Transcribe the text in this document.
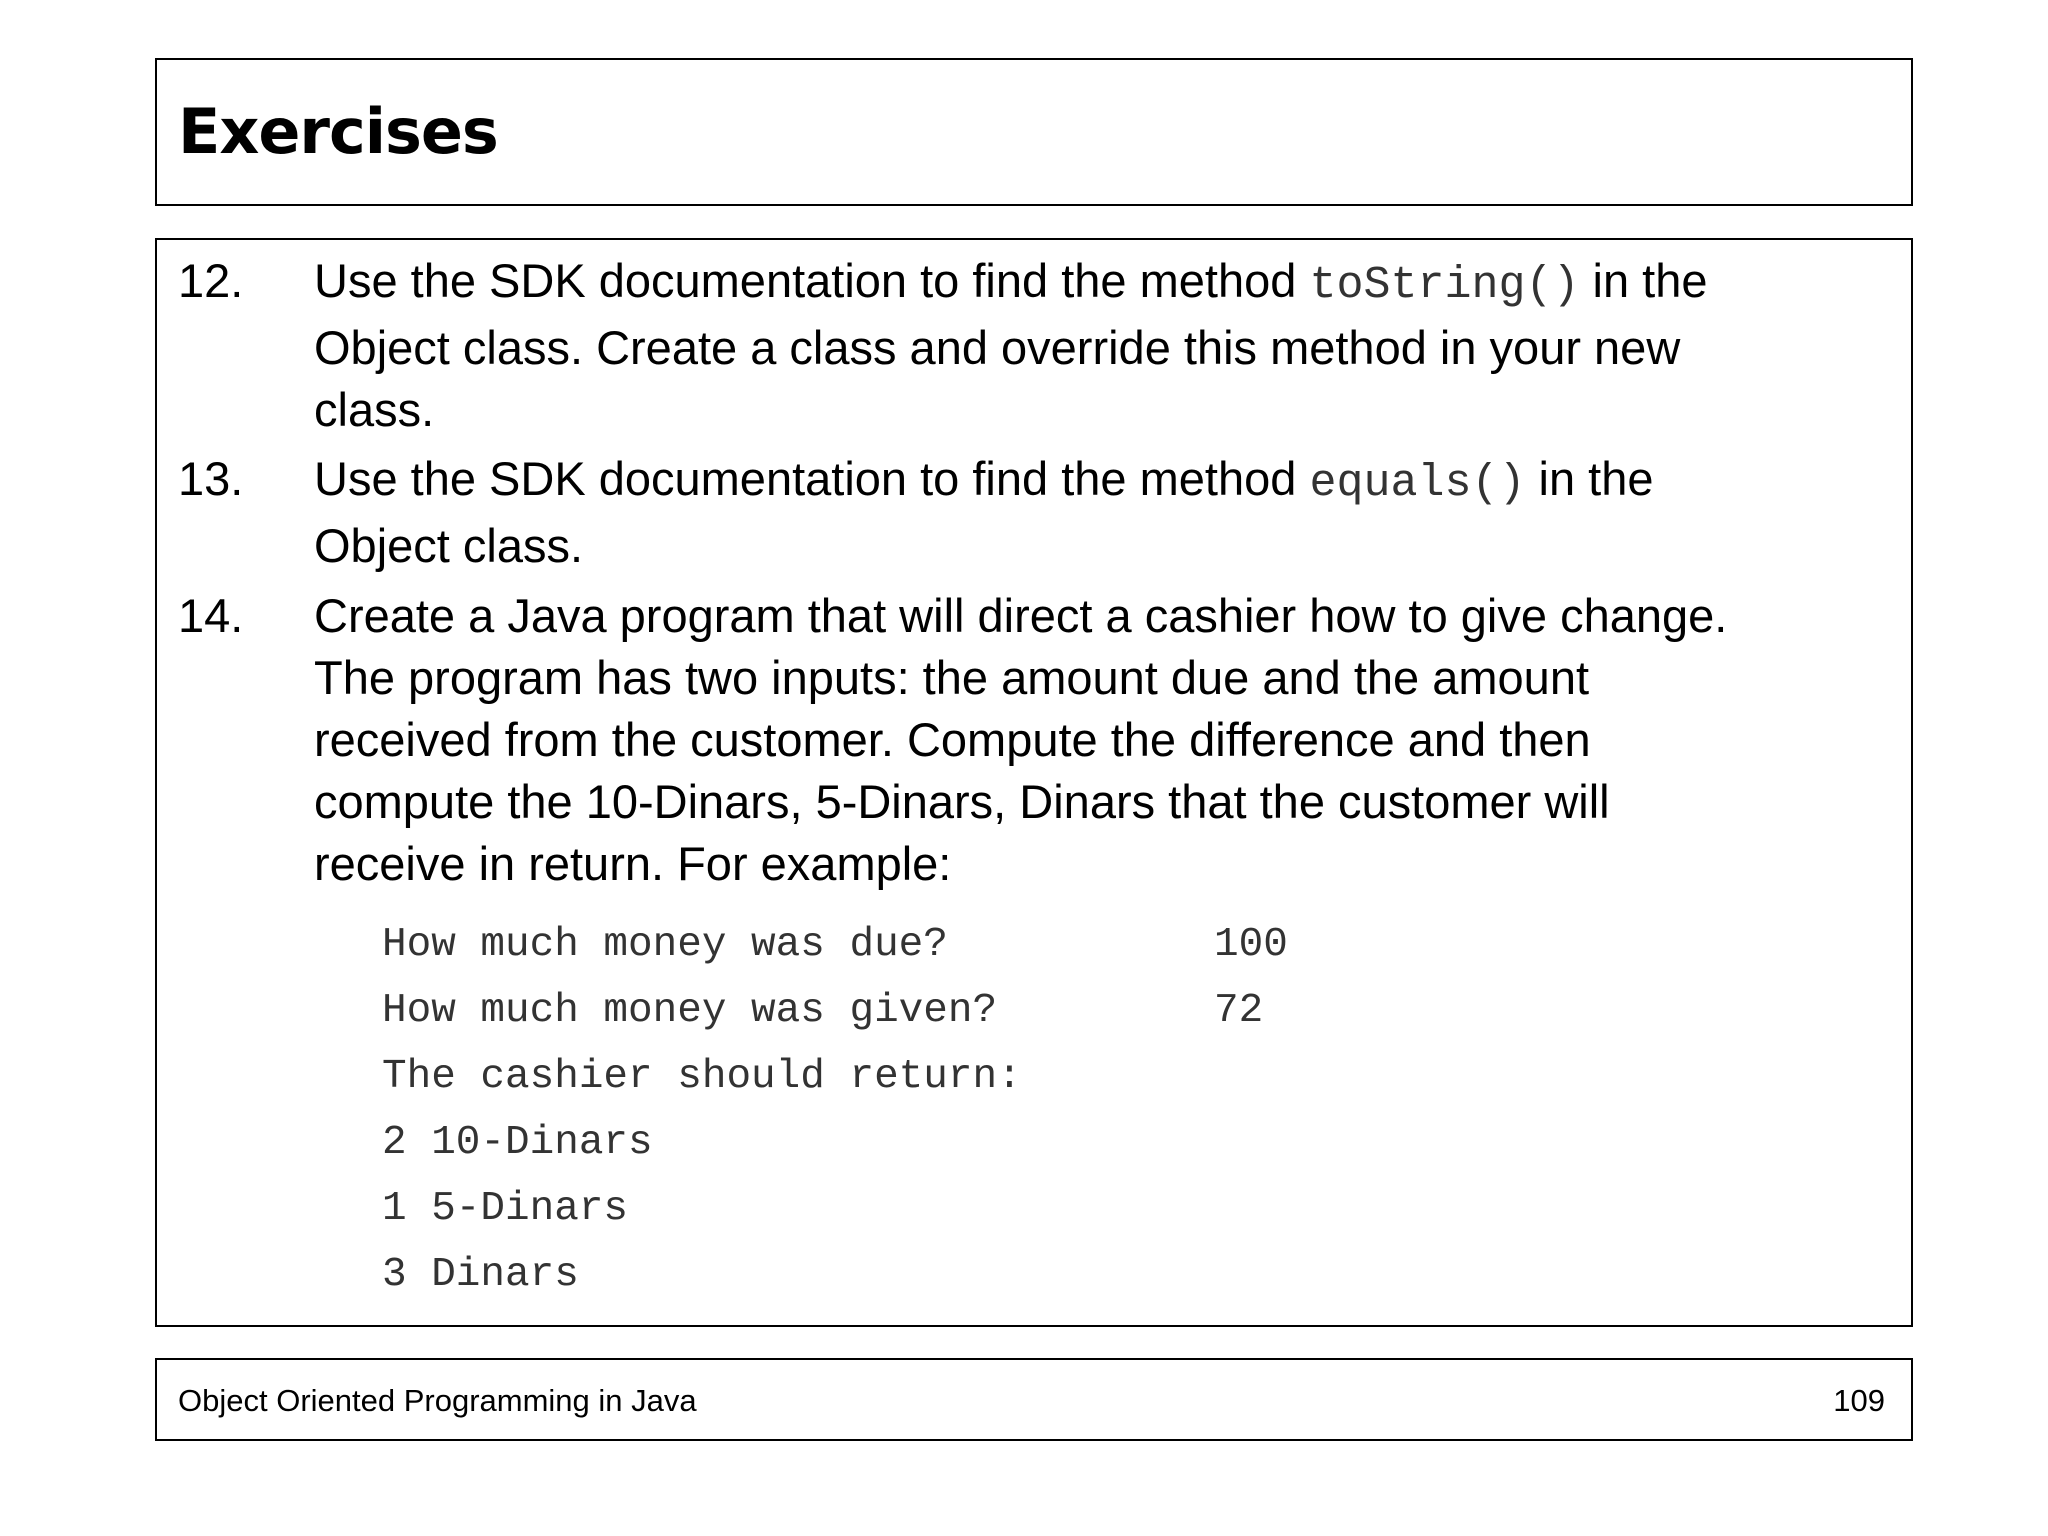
Exercises
12. Use the SDK documentation to find the method toString() in the
Object class. Create a class and override this method in your new
class.
13. Use the SDK documentation to find the method equals() in the
Object class.
14. Create a Java program that will direct a cashier how to give change.
The program has two inputs: the amount due and the amount
received from the customer. Compute the difference and then
compute the 10-Dinars, 5-Dinars, Dinars that the customer will
receive in return. For example:
How much money was due?	100
How much money was given?	72
The cashier should return:
2 10-Dinars
1 5-Dinars
3 Dinars
Object Oriented Programming in Java	109
